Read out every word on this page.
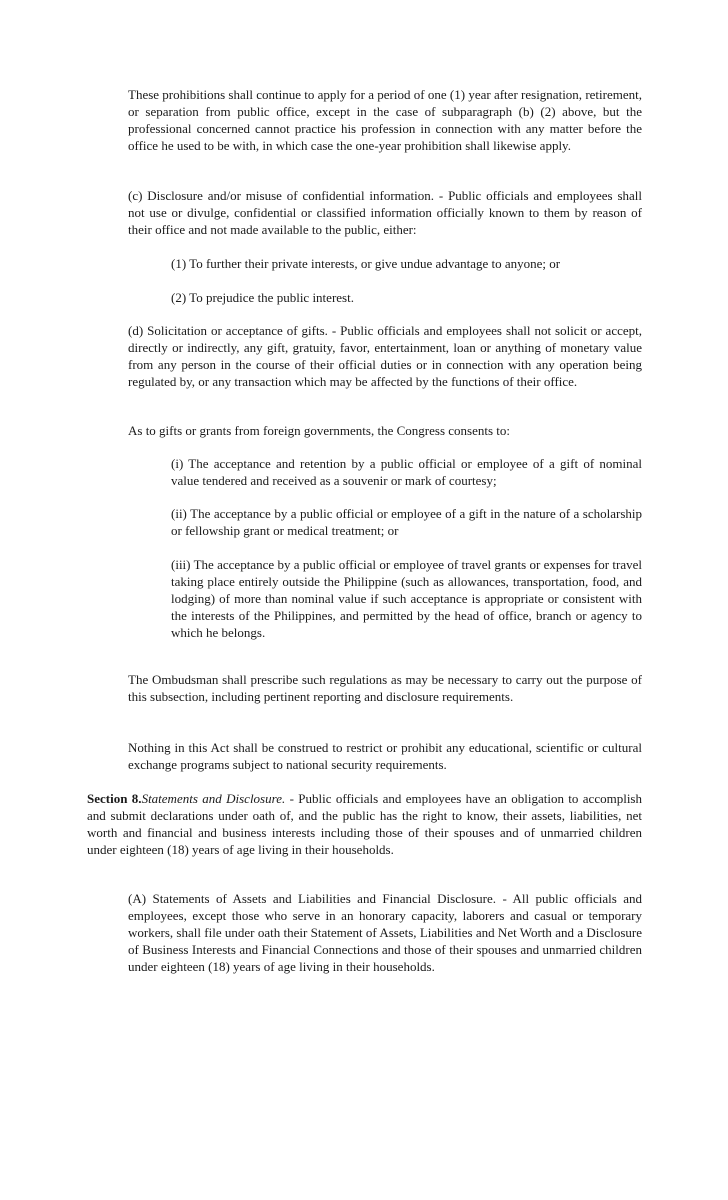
These prohibitions shall continue to apply for a period of one (1) year after resignation, retirement, or separation from public office, except in the case of subparagraph (b) (2) above, but the professional concerned cannot practice his profession in connection with any matter before the office he used to be with, in which case the one-year prohibition shall likewise apply.

(c) Disclosure and/or misuse of confidential information. - Public officials and employees shall not use or divulge, confidential or classified information officially known to them by reason of their office and not made available to the public, either:

(1) To further their private interests, or give undue advantage to anyone; or

(2) To prejudice the public interest.

(d) Solicitation or acceptance of gifts. - Public officials and employees shall not solicit or accept, directly or indirectly, any gift, gratuity, favor, entertainment, loan or anything of monetary value from any person in the course of their official duties or in connection with any operation being regulated by, or any transaction which may be affected by the functions of their office.

As to gifts or grants from foreign governments, the Congress consents to:

(i) The acceptance and retention by a public official or employee of a gift of nominal value tendered and received as a souvenir or mark of courtesy;

(ii) The acceptance by a public official or employee of a gift in the nature of a scholarship or fellowship grant or medical treatment; or

(iii) The acceptance by a public official or employee of travel grants or expenses for travel taking place entirely outside the Philippine (such as allowances, transportation, food, and lodging) of more than nominal value if such acceptance is appropriate or consistent with the interests of the Philippines, and permitted by the head of office, branch or agency to which he belongs.

The Ombudsman shall prescribe such regulations as may be necessary to carry out the purpose of this subsection, including pertinent reporting and disclosure requirements.

Nothing in this Act shall be construed to restrict or prohibit any educational, scientific or cultural exchange programs subject to national security requirements.

Section 8.Statements and Disclosure. - Public officials and employees have an obligation to accomplish and submit declarations under oath of, and the public has the right to know, their assets, liabilities, net worth and financial and business interests including those of their spouses and of unmarried children under eighteen (18) years of age living in their households.

(A) Statements of Assets and Liabilities and Financial Disclosure. - All public officials and employees, except those who serve in an honorary capacity, laborers and casual or temporary workers, shall file under oath their Statement of Assets, Liabilities and Net Worth and a Disclosure of Business Interests and Financial Connections and those of their spouses and unmarried children under eighteen (18) years of age living in their households.
